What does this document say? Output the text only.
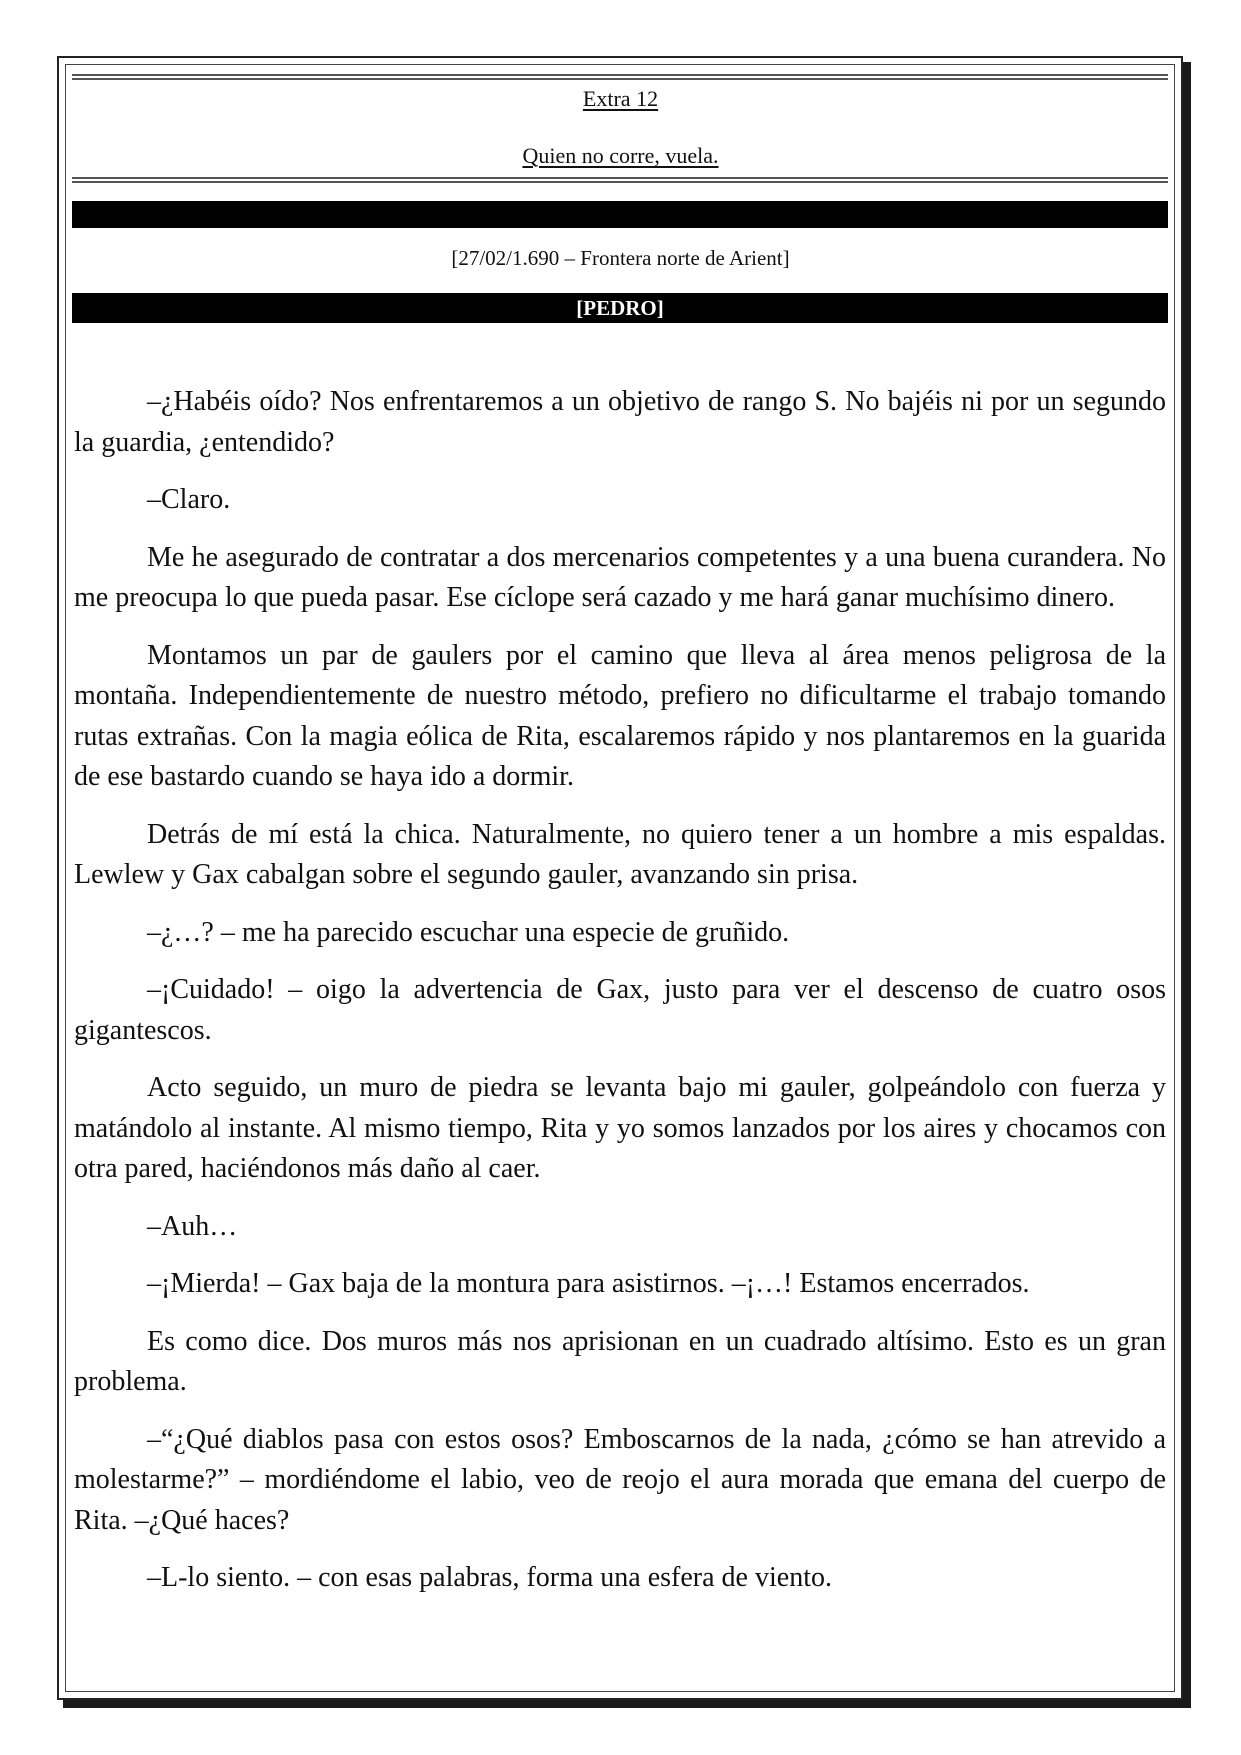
Extra 12
Quien no corre, vuela.
[27/02/1.690 – Frontera norte de Arient]
[PEDRO]

–¿Habéis oído? Nos enfrentaremos a un objetivo de rango S. No bajéis ni por un segundo la guardia, ¿entendido?

–Claro.

Me he asegurado de contratar a dos mercenarios competentes y a una buena curandera. No me preocupa lo que pueda pasar. Ese cíclope será cazado y me hará ganar muchísimo dinero.

Montamos un par de gaulers por el camino que lleva al área menos peligrosa de la montaña. Independientemente de nuestro método, prefiero no dificultarme el trabajo tomando rutas extrañas. Con la magia eólica de Rita, escalaremos rápido y nos plantaremos en la guarida de ese bastardo cuando se haya ido a dormir.

Detrás de mí está la chica. Naturalmente, no quiero tener a un hombre a mis espaldas. Lewlew y Gax cabalgan sobre el segundo gauler, avanzando sin prisa.

–¿…? – me ha parecido escuchar una especie de gruñido.

–¡Cuidado! – oigo la advertencia de Gax, justo para ver el descenso de cuatro osos gigantescos.

Acto seguido, un muro de piedra se levanta bajo mi gauler, golpeándolo con fuerza y matándolo al instante. Al mismo tiempo, Rita y yo somos lanzados por los aires y chocamos con otra pared, haciéndonos más daño al caer.

–Auh…

–¡Mierda! – Gax baja de la montura para asistirnos. –¡…! Estamos encerrados.

Es como dice. Dos muros más nos aprisionan en un cuadrado altísimo. Esto es un gran problema.

–“¿Qué diablos pasa con estos osos? Emboscarnos de la nada, ¿cómo se han atrevido a molestarme?” – mordiéndome el labio, veo de reojo el aura morada que emana del cuerpo de Rita. –¿Qué haces?

–L-lo siento. – con esas palabras, forma una esfera de viento.
